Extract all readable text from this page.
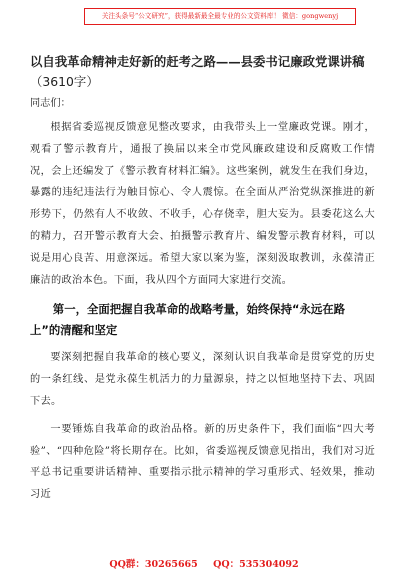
关注头条号“公文研究”，获得最新最全最专业的公文资料库！ 微信：gongwenyj
以自我革命精神走好新的赶考之路——县委书记廉政党课讲稿（3610字）
同志们：

根据省委巡视反馈意见整改要求，由我带头上一堂廉政党课。刚才，观看了警示教育片，通报了换届以来全市党风廉政建设和反腐败工作情况，会上还编发了《警示教育材料汇编》。这些案例，就发生在我们身边，暴露的违纪违法行为触目惊心、令人震惊。在全面从严治党纵深推进的新形势下，仍然有人不收敛、不收手，心存侥幸，胆大妄为。县委花这么大的精力，召开警示教育大会、拍摄警示教育片、编发警示教育材料，可以说是用心良苦、用意深远。希望大家以案为鉴，深刻汲取教训，永葆清正廉洁的政治本色。下面，我从四个方面同大家进行交流。

第一，全面把握自我革命的战略考量，始终保持“永远在路上”的清醒和坚定

要深刻把握自我革命的核心要义，深刻认识自我革命是贯穿党的历史的一条红线、是党永葆生机活力的力量源泉，持之以恒地坚持下去、巩固下去。

一要锤炼自我革命的政治品格。新的历史条件下，我们面临“四大考验”、“四种危险”将长期存在。比如，省委巡视反馈意见指出，我们对习近平总书记重要讲话精神、重要指示批示精神的学习重形式、轻效果，推动习近

QQ群：30265665 QQ：535304092
